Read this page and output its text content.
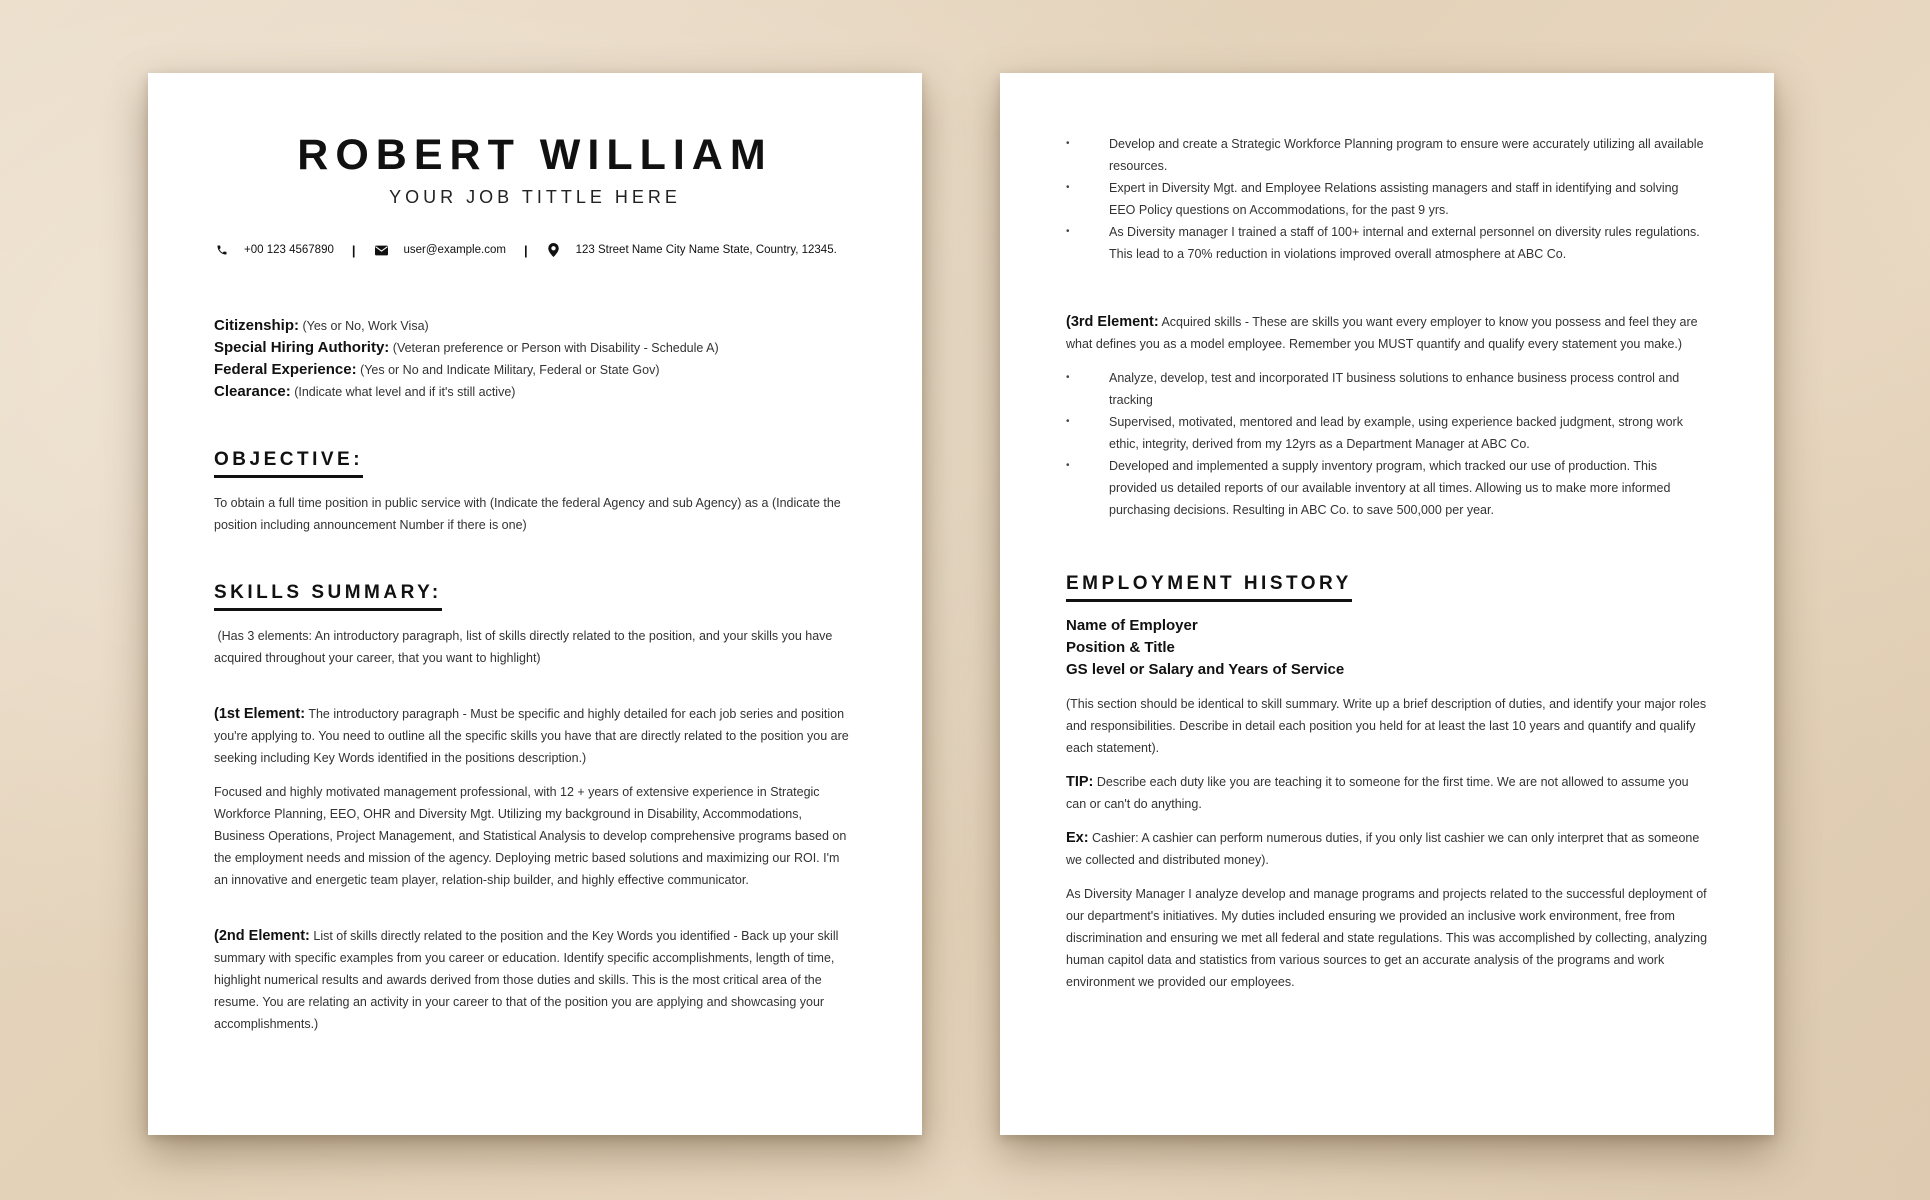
ROBERT WILLIAM
YOUR JOB TITTLE HERE
+00 123 4567890 |	user@example.com |	123 Street Name City Name State, Country, 12345.
Citizenship: (Yes or No, Work Visa)
Special Hiring Authority: (Veteran preference or Person with Disability - Schedule A)
Federal Experience: (Yes or No and Indicate Military, Federal or State Gov)
Clearance: (Indicate what level and if it's still active)
OBJECTIVE:

To obtain a full time position in public service with (Indicate the federal Agency and sub Agency) as a (Indicate the position including announcement Number if there is one)

SKILLS SUMMARY:

(Has 3 elements: An introductory paragraph, list of skills directly related to the position, and your skills you have acquired throughout your career, that you want to highlight)

(1st Element: The introductory paragraph - Must be specific and highly detailed for each job series and position you're applying to. You need to outline all the specific skills you have that are directly related to the position you are seeking including Key Words identified in the positions description.)

Focused and highly motivated management professional, with 12 + years of extensive experience in Strategic Workforce Planning, EEO, OHR and Diversity Mgt. Utilizing my background in Disability, Accommodations, Business Operations, Project Management, and Statistical Analysis to develop comprehensive programs based on the employment needs and mission of the agency. Deploying metric based solutions and maximizing our ROI. I'm an innovative and energetic team player, relation-ship builder, and highly effective communicator.

(2nd Element: List of skills directly related to the position and the Key Words you identified - Back up your skill summary with specific examples from you career or education. Identify specific accomplishments, length of time, highlight numerical results and awards derived from those duties and skills. This is the most critical area of the resume. You are relating an activity in your career to that of the position you are applying and showcasing your accomplishments.)

• Develop and create a Strategic Workforce Planning program to ensure were accurately utilizing all available resources.
• Expert in Diversity Mgt. and Employee Relations assisting managers and staff in identifying and solving EEO Policy questions on Accommodations, for the past 9 yrs.
• As Diversity manager I trained a staff of 100+ internal and external personnel on diversity rules regulations. This lead to a 70% reduction in violations improved overall atmosphere at ABC Co.

(3rd Element: Acquired skills - These are skills you want every employer to know you possess and feel they are what defines you as a model employee. Remember you MUST quantify and qualify every statement you make.)

• Analyze, develop, test and incorporated IT business solutions to enhance business process control and tracking
• Supervised, motivated, mentored and lead by example, using experience backed judgment, strong work ethic, integrity, derived from my 12yrs as a Department Manager at ABC Co.
• Developed and implemented a supply inventory program, which tracked our use of production. This provided us detailed reports of our available inventory at all times. Allowing us to make more informed purchasing decisions. Resulting in ABC Co. to save 500,000 per year.
EMPLOYMENT HISTORY
Name of Employer
Position & Title
GS level or Salary and Years of Service

(This section should be identical to skill summary. Write up a brief description of duties, and identify your major roles and responsibilities. Describe in detail each position you held for at least the last 10 years and quantify and qualify each statement).

TIP: Describe each duty like you are teaching it to someone for the first time. We are not allowed to assume you can or can't do anything.

Ex: Cashier: A cashier can perform numerous duties, if you only list cashier we can only interpret that as someone we collected and distributed money).

As Diversity Manager I analyze develop and manage programs and projects related to the successful deployment of our department's initiatives. My duties included ensuring we provided an inclusive work environment, free from discrimination and ensuring we met all federal and state regulations. This was accomplished by collecting, analyzing human capitol data and statistics from various sources to get an accurate analysis of the programs and work environment we provided our employees.
